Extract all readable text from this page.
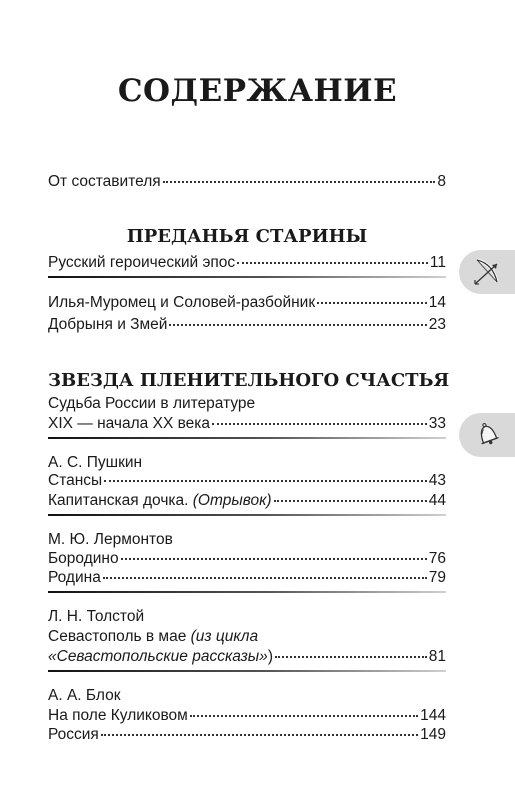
СОДЕРЖАНИЕ
От составителя	8
ПРЕДАНЬЯ СТАРИНЫ
Русский героический эпос	11
Илья-Муромец и Соловей-разбойник	14
Добрыня и Змей	23
ЗВЕЗДА ПЛЕНИТЕЛЬНОГО СЧАСТЬЯ
Судьба России в литературе
XIX — начала XX века	33
А. С. Пушкин
Стансы	43
Капитанская дочка. (Отрывок)	44
М. Ю. Лермонтов
Бородино	76
Родина	79
Л. Н. Толстой
Севастополь в мае (из цикла
«Севастопольские рассказы» )	81
А. А. Блок
На поле Куликовом	144
Россия	149
